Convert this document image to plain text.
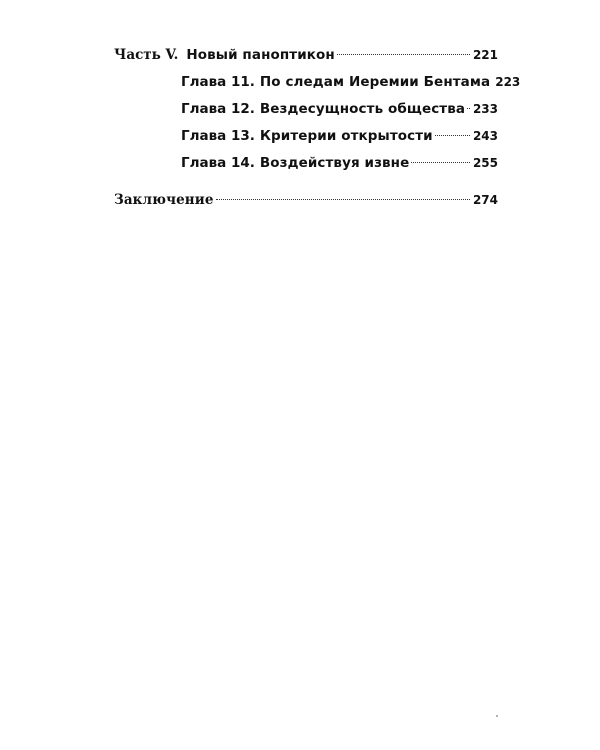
Часть V. Новый паноптикон	221
Глава 11. По следам Иеремии Бентама 223
Глава 12. Вездесущность общества 233
Глава 13. Критерии открытости	243
Глава 14. Воздействуя извне	255
Заключение	274
